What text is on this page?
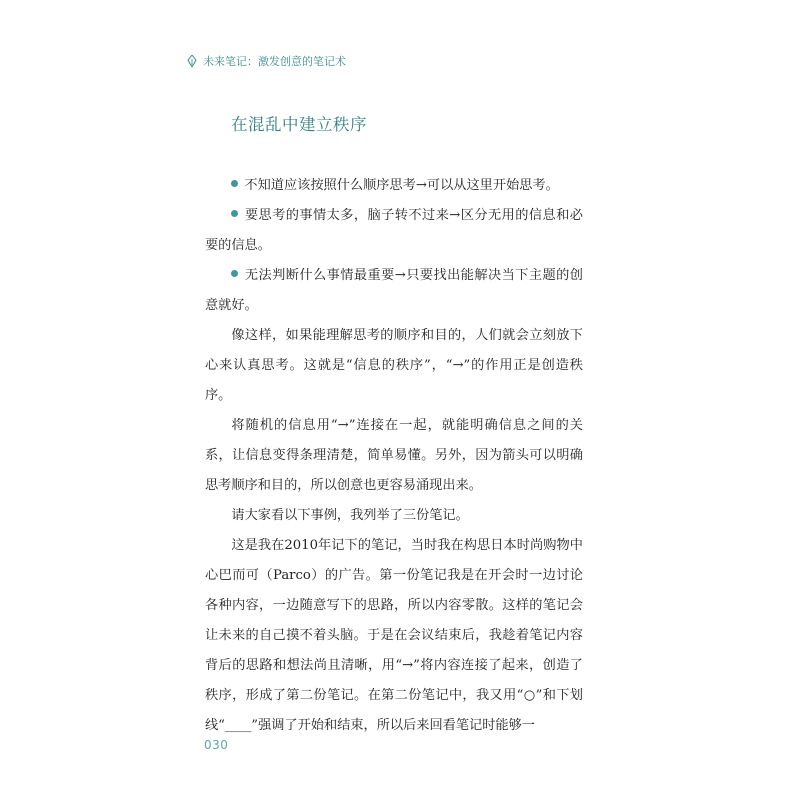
未来笔记：激发创意的笔记术
在混乱中建立秩序

不知道应该按照什么顺序思考→可以从这里开始思考。

要思考的事情太多，脑子转不过来→区分无用的信息和必要的信息。

无法判断什么事情最重要→只要找出能解决当下主题的创意就好。

像这样，如果能理解思考的顺序和目的，人们就会立刻放下心来认真思考。这就是“信息的秩序”，“→”的作用正是创造秩序。

将随机的信息用“→”连接在一起，就能明确信息之间的关系，让信息变得条理清楚，简单易懂。另外，因为箭头可以明确思考顺序和目的，所以创意也更容易涌现出来。

请大家看以下事例，我列举了三份笔记。

这是我在2010年记下的笔记，当时我在构思日本时尚购物中心巴而可（Parco）的广告。第一份笔记我是在开会时一边讨论各种内容，一边随意写下的思路，所以内容零散。这样的笔记会让未来的自己摸不着头脑。于是在会议结束后，我趁着笔记内容背后的思路和想法尚且清晰，用“→”将内容连接了起来，创造了秩序，形成了第二份笔记。在第二份笔记中，我又用“○”和下划线“____”强调了开始和结束，所以后来回看笔记时能够一

030
